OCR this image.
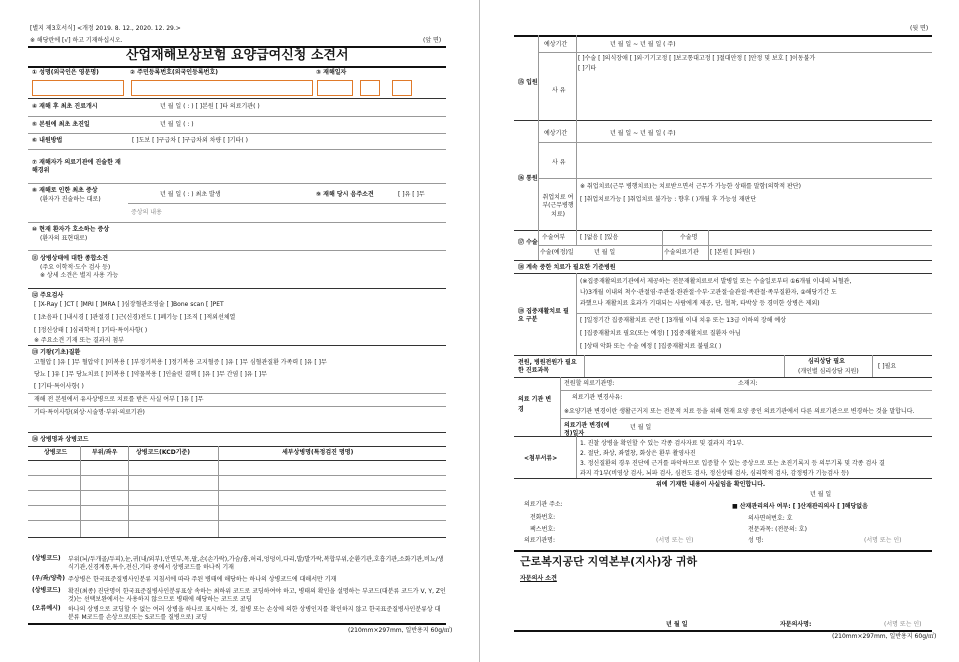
[별지 제3호서식] <개정 2019. 8. 12., 2020. 12. 29.>
※ 해당란에 [√] 하고 기재하십시오.	(앞 면)
산업재해보상보험 요양급여신청 소견서
① 성명(외국인은 영문명)	② 주민등록번호(외국인등록번호)	③ 재해일자
④ 재해 후 최초 진료개시	년 월 일 ( : ) [ ]본원 [ ]타 의료기관( )
⑤ 본원에 최초 초진일	년 월 일 ( : )
⑥ 내원방법	[ ]도보 [ ]구급차 [ ]구급차외 차량 [ ]기타( )
⑦ 재해자가 의료기관에 진술한 재해경위
⑧ 재해로 인한 최초 증상
(환자가 진술하는 대로)
년 월 일 ( : ) 최초 발생	⑨ 재해 당시 음주소견	[ ]유 [ ]무
증상의 내용
⑩ 현재 환자가 호소하는 증상
(환자의 표현대로)
⑪ 상병상태에 대한 종합소견
(주요 이학적·도수 검사 등)
※ 상세 소견은 별지 사용 가능
⑫ 주요검사
[ ]X-Ray [ ]CT [ ]MRI [ ]MRA [ ]심장혈관조영술 [ ]Bone scan [ ]PET
[ ]초음파 [ ]내시경 [ ]관절경 [ ]근(신경)전도 [ ]폐기능 [ ]조직 [ ]적외선체열
[ ]정신상태 [ ]심리학적 [ ]기타·특이사항( )
※ 주요소견 기재 또는 결과지 첨부
⑬ 기왕(기초)질환
고혈압 [ ]유 [ ]무 혈압약 [ ]미복용 [ ]부정기복용 [ ]정기복용 고지혈증 [ ]유 [ ]무 심혈관질환 가족력 [ ]유 [ ]무
당뇨 [ ]유 [ ]무 당뇨치료 [ ]미복용 [ ]약물복용 [ ]인슐린 결핵 [ ]유 [ ]무 간염 [ ]유 [ ]무
[ ]기타·특이사항( )
재해 전 본원에서 유사상병으로 치료를 받은 사실 여부 [ ]유 [ ]무
기타·특이사항(외상·시술명·부위·의료기관)
⑭ 상병명과 상병코드
상병코드	부위/좌우	상병코드(KCD기준)	세부상병명(특정검진 명명)
(상병코드) 부위(뇌/두개골/두피),눈,귀(내/외부),안면부,목,팔,손(손가락),가슴/흉,허리,엉덩이,다리,발/발가락,복합부위,순환기관,호흡기관,소화기관,비뇨/생식기관,신경계통,특수,전신,기타 중에서 상병코드를 하나씩 기재
(우/좌/양측) 주상병은 한국표준질병사인분류 지침서에 따라 주된 병태에 해당하는 하나의 상병코드에 대해서만 기재
(상병코드) 확진(최종) 진단명이 한국표준질병사인분류표상 속하는 최하위 코드로 코딩하여야 하고, 병태의 확인을 설명하는 부코드(대분류 코드가 V, Y, Z인 것)는 선택보완에서는 사용하지 않으므로 병태에 해당하는 코드로 코딩
(오류예시) 하나의 상병으로 코딩할 수 없는 여러 상병을 하나로 표시하는 것, 절병 또는 손상에 의한 상병인지를 확인하지 않고 한국표준질병사인분류상 대분류 M코드를 손상으로(또는 S코드를 질병으로) 코딩
(210mm×297mm, 일반용지 60g/㎡)
(뒷 면)
⑮ 입원
예상기간	년 월 일 ~ 년 월 일 ( 주)
사 유
[ ]수술 [ ]의식장애 [ ]외·기기고정 [ ]보고통대고정 [ ]절대안정 [ ]안정 및 보호 [ ]이동불가
[ ]기타
⑯ 통원
예상기간	년 월 일 ~ 년 월 일 ( 주)
사 유
취업치료 여부(근무병행치료)
※ 취업치료(근무 병행치료)는 치료받으면서 근무가 가능한 상태를 말함(의학적 판단)
[ ]취업치료가능 [ ]취업치료 불가능 : 향후 ( )개월 후 가능성 재판단
⑰ 수술
수술여부 [ ]없음 [ ]있음	수술명
수술(예정)일	년 월 일	수술의료기관 [ ]본원 [ ]타원( )
⑱ 계속 중한 치료가 필요한 기준병원
⑲ 집중재활치료 필요 구분
(※집중재활의료기관에서 제공하는 전문재활치료로서 발병일 또는 수술일로부터 ①6개월 이내의 뇌혈관,
나)3개월 이내의 척수·관절염·주관절·완관절·수부·고관절·슬관절·족관절·족부질환자, ②해당기간 도
과했으나 재활치료 효과가 기대되는 사람에게 제공, 단, 협착, 타박상 등 경미한 상병은 제외)
[ ]일정기간 집중재활치료 곤란 [ ]3개월 이내 치유 또는 13급 이하의 장해 예상
[ ]집중재활치료 필요(또는 예정) [ ]집중재활치료 질환자 아님
[ ]상태 악화 또는 수술 예정 [ ]집중재활치료 불필요( )
전원, 병원전원가 필요한 진료과목
심리상담 필요
(개인별 심리상담 지원)
[ ]필요
전원할 의료기관명:	소재지:
의료 기관 변경
의료기관 변경사유:
※요양기관 변경이란 생활근거지 또는 전문적 치료 등을 위해 현재 요양 중인 의료기관에서 다른 의료기관으로 변경하는 것을 말합니다.
의료기관 변경(예정)일자
년 월 일
<첨부서류>
1. 진찰 상병을 확인할 수 있는 각종 검사자료 및 결과지 각1부.
2. 절단, 좌상, 좌열창, 화상은 환부 촬영사진
3. 정신질환의 경우 진단에 근거를 파악하므로 입증할 수 있는 증상으로 또는 초진기록지 등 의무기록 및 각종 검사 결
과지 각1부(비영상 검사, 뇌파 검사, 심전도 검사, 정신상태 검사, 심리학적 검사, 감정평가 기능검사 등)
위에 기재한 내용이 사실임을 확인합니다.
년 월 일
의료기관 주소:
전화번호:
팩스번호:
의료기관명:	(서명 또는 인)
■ 산재관리의사 여부: [ ]산재관리의사 [ ]해당없음
의사면허번호: 호
전문과목: (전문의: 호)
성 명:	(서명 또는 인)
근로복지공단 지역본부(지사)장 귀하
자문의사 소견
년 월 일	자문의사명:	(서명 또는 인)
(210mm×297mm, 일반용지 60g/㎡)
